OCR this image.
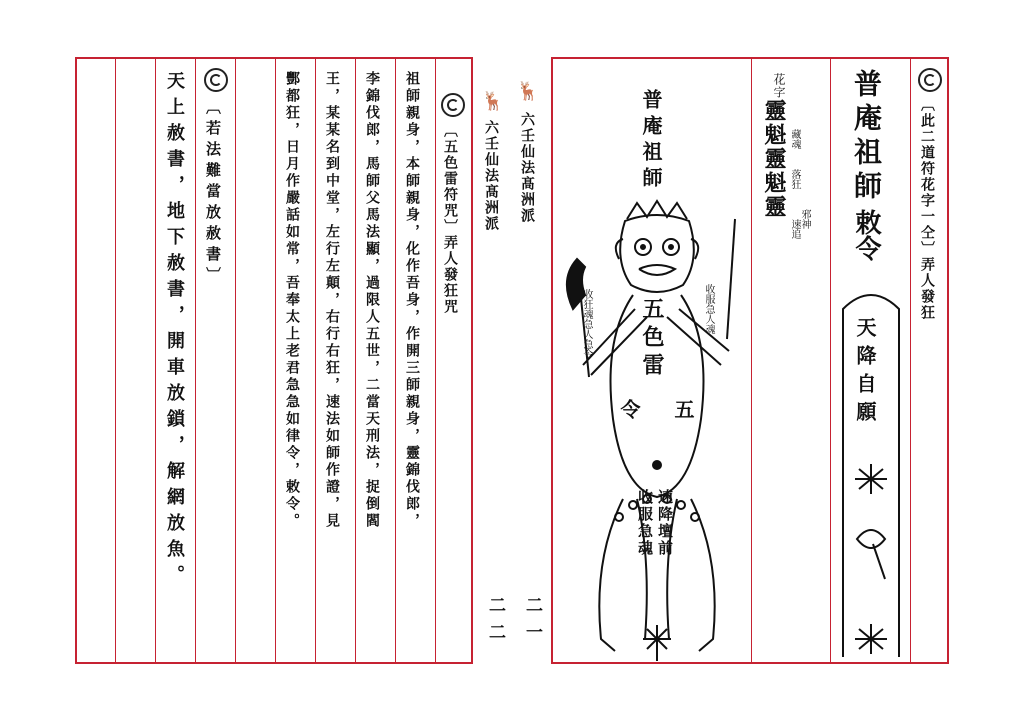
天上赦書，地下赦書，開車放鎖，解網放魚。 〔若法難當放赦書〕	酆都狂，日月作嚴話如常，吾奉太上老君急急如律令，敕令。 王，某某名到中堂，左行左顛，右行右狂，速法如師作證，見 李錦伐郎，馬師父馬法顯，過限人五世，二當天刑法，捉倒閻 祖師親身，本師親身，化作吾身，作開三師親身，靈錦伐郎， 〔五色雷符咒〕弄人發狂咒
🦌
六壬仙法髙洲派
🦌
六壬仙法髙洲派
二二 二一
〔此二道符花字一仝〕弄人發狂
普庵祖師
敕令
天降自願
花字
靈魁靈魁靈 藏魂
落狂
邪神
速追
普庵祖師
五色雷
五
令
收狂魂急人急令	收服急人魂
速降壇前
收服急魂
